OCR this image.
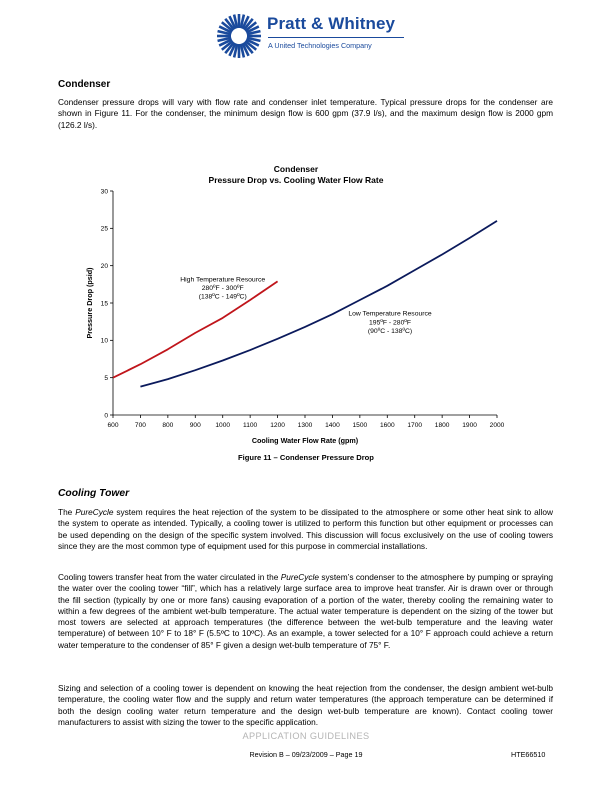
Pratt & Whitney
A United Technologies Company
Condenser

Condenser pressure drops will vary with flow rate and condenser inlet temperature. Typical pressure drops for the condenser are shown in Figure 11. For the condenser, the minimum design flow is 600 gpm (37.9 l/s), and the maximum design flow is 2000 gpm (126.2 l/s).

Condenser
Pressure Drop vs. Cooling Water Flow Rate
0
5
10
15
20
25
30
600 700 800 900 1000 1100 1200 1300 1400 1500 1600 1700 1800 1900 2000
High Temperature Resource
280ºF - 300ºF
(138ºC - 149ºC)
Low Temperature Resource
195ºF - 280ºF
(90ºC - 138ºC)
Cooling Water Flow Rate (gpm)
Pressure Drop (psid)
Figure 11 – Condenser Pressure Drop
Cooling Tower

The PureCycle system requires the heat rejection of the system to be dissipated to the atmosphere or some other heat sink to allow the system to operate as intended. Typically, a cooling tower is utilized to perform this function but other equipment or processes can be used depending on the design of the specific system involved. This discussion will focus exclusively on the use of cooling towers since they are the most common type of equipment used for this purpose in commercial installations.

Cooling towers transfer heat from the water circulated in the PureCycle system’s condenser to the atmosphere by pumping or spraying the water over the cooling tower “fill”, which has a relatively large surface area to improve heat transfer. Air is drawn over or through the fill section (typically by one or more fans) causing evaporation of a portion of the water, thereby cooling the remaining water to within a few degrees of the ambient wet-bulb temperature. The actual water temperature is dependent on the sizing of the tower but most towers are selected at approach temperatures (the difference between the wet-bulb temperature and the leaving water temperature) of between 10° F to 18° F (5.5ºC to 10ºC). As an example, a tower selected for a 10° F approach could achieve a return water temperature to the condenser of 85° F given a design wet-bulb temperature of 75° F.

Sizing and selection of a cooling tower is dependent on knowing the heat rejection from the condenser, the design ambient wet-bulb temperature, the cooling water flow and the supply and return water temperatures (the approach temperature can be determined if both the design cooling water return temperature and the design wet-bulb temperature are known). Contact cooling tower manufacturers to assist with sizing the tower to the specific application.

APPLICATION GUIDELINES
Revision B – 09/23/2009 – Page 19	HTE66510
